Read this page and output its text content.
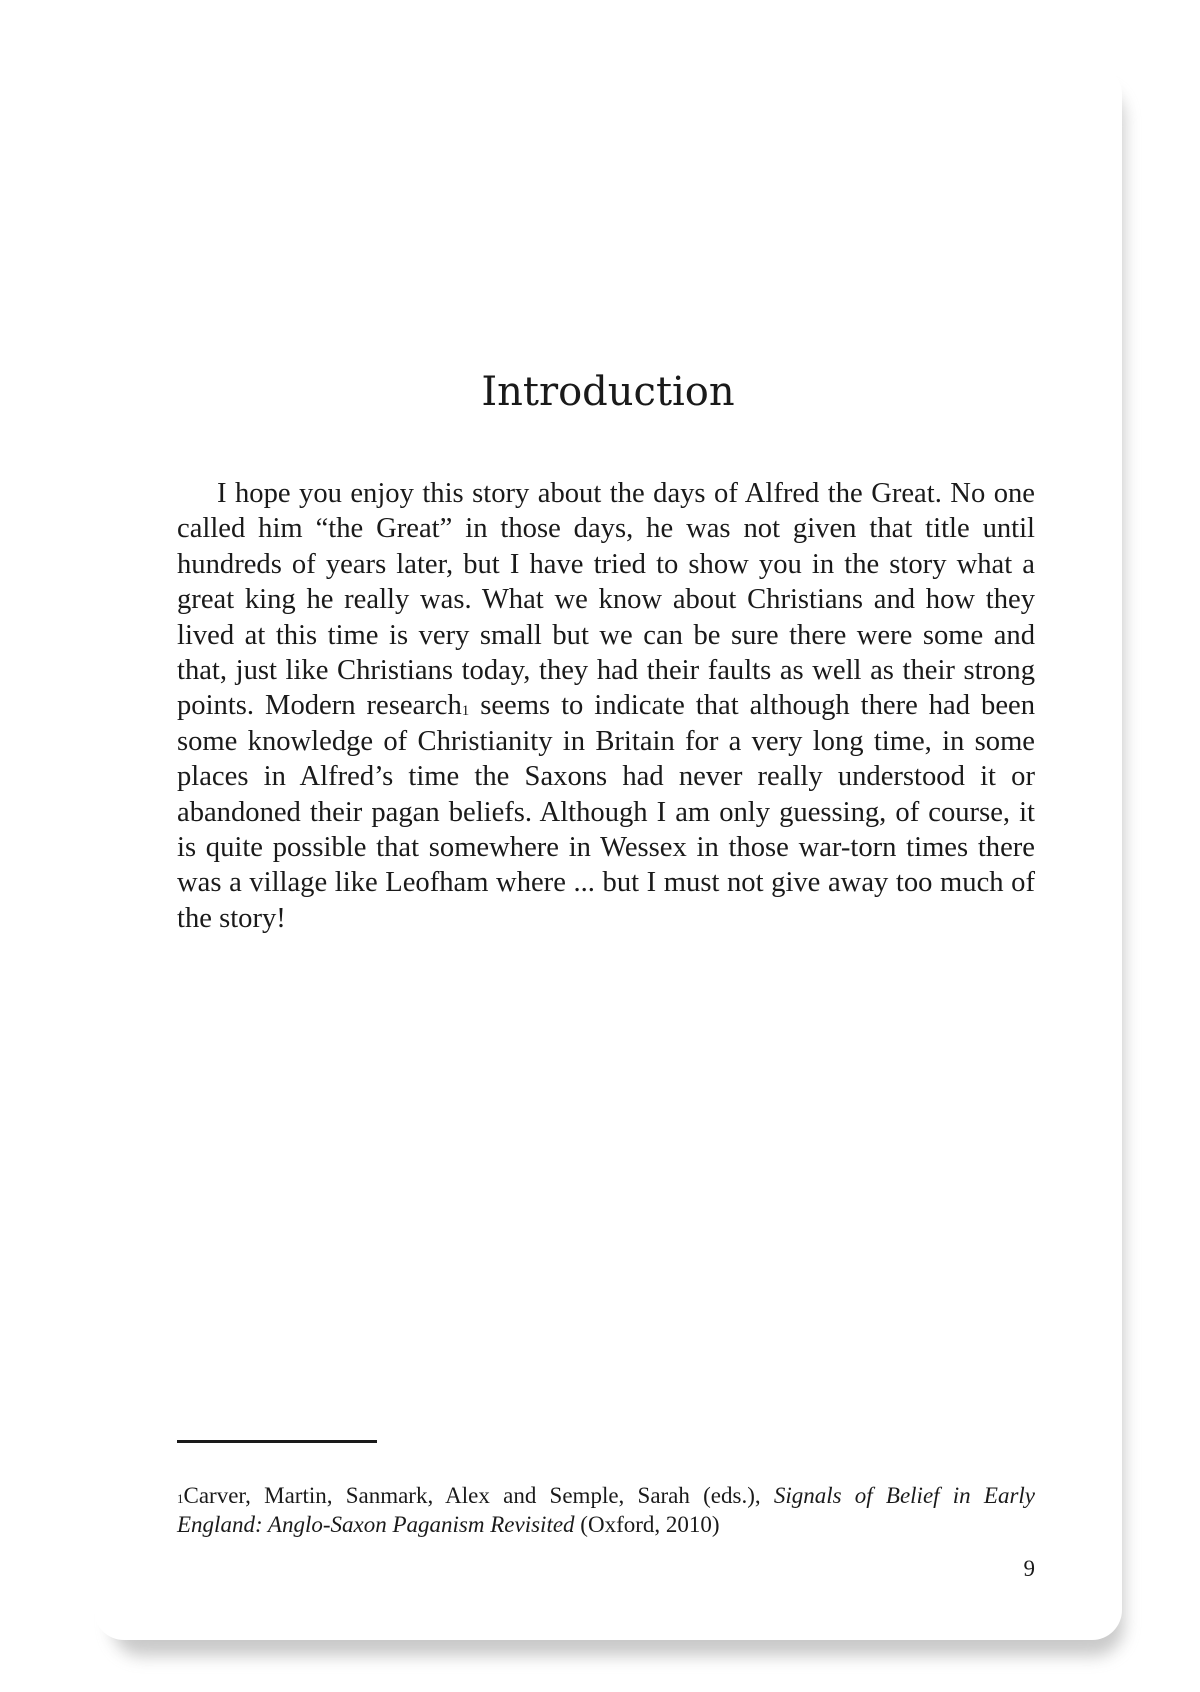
Introduction

I hope you enjoy this story about the days of Alfred the Great. No one called him “the Great” in those days, he was not given that title until hundreds of years later, but I have tried to show you in the story what a great king he really was. What we know about Christians and how they lived at this time is very small but we can be sure there were some and that, just like Christians today, they had their faults as well as their strong points. Modern research$^1$ seems to indicate that although there had been some knowledge of Christianity in Britain for a very long time, in some places in Alfred’s time the Saxons had never really understood it or abandoned their pagan beliefs. Although I am only guessing, of course, it is quite possible that somewhere in Wessex in those war-torn times there was a village like Leofham where ... but I must not give away too much of the story!

$^1$Carver, Martin, Sanmark, Alex and Semple, Sarah (eds.), Signals of Belief in Early England: Anglo-Saxon Paganism Revisited (Oxford, 2010)

9
